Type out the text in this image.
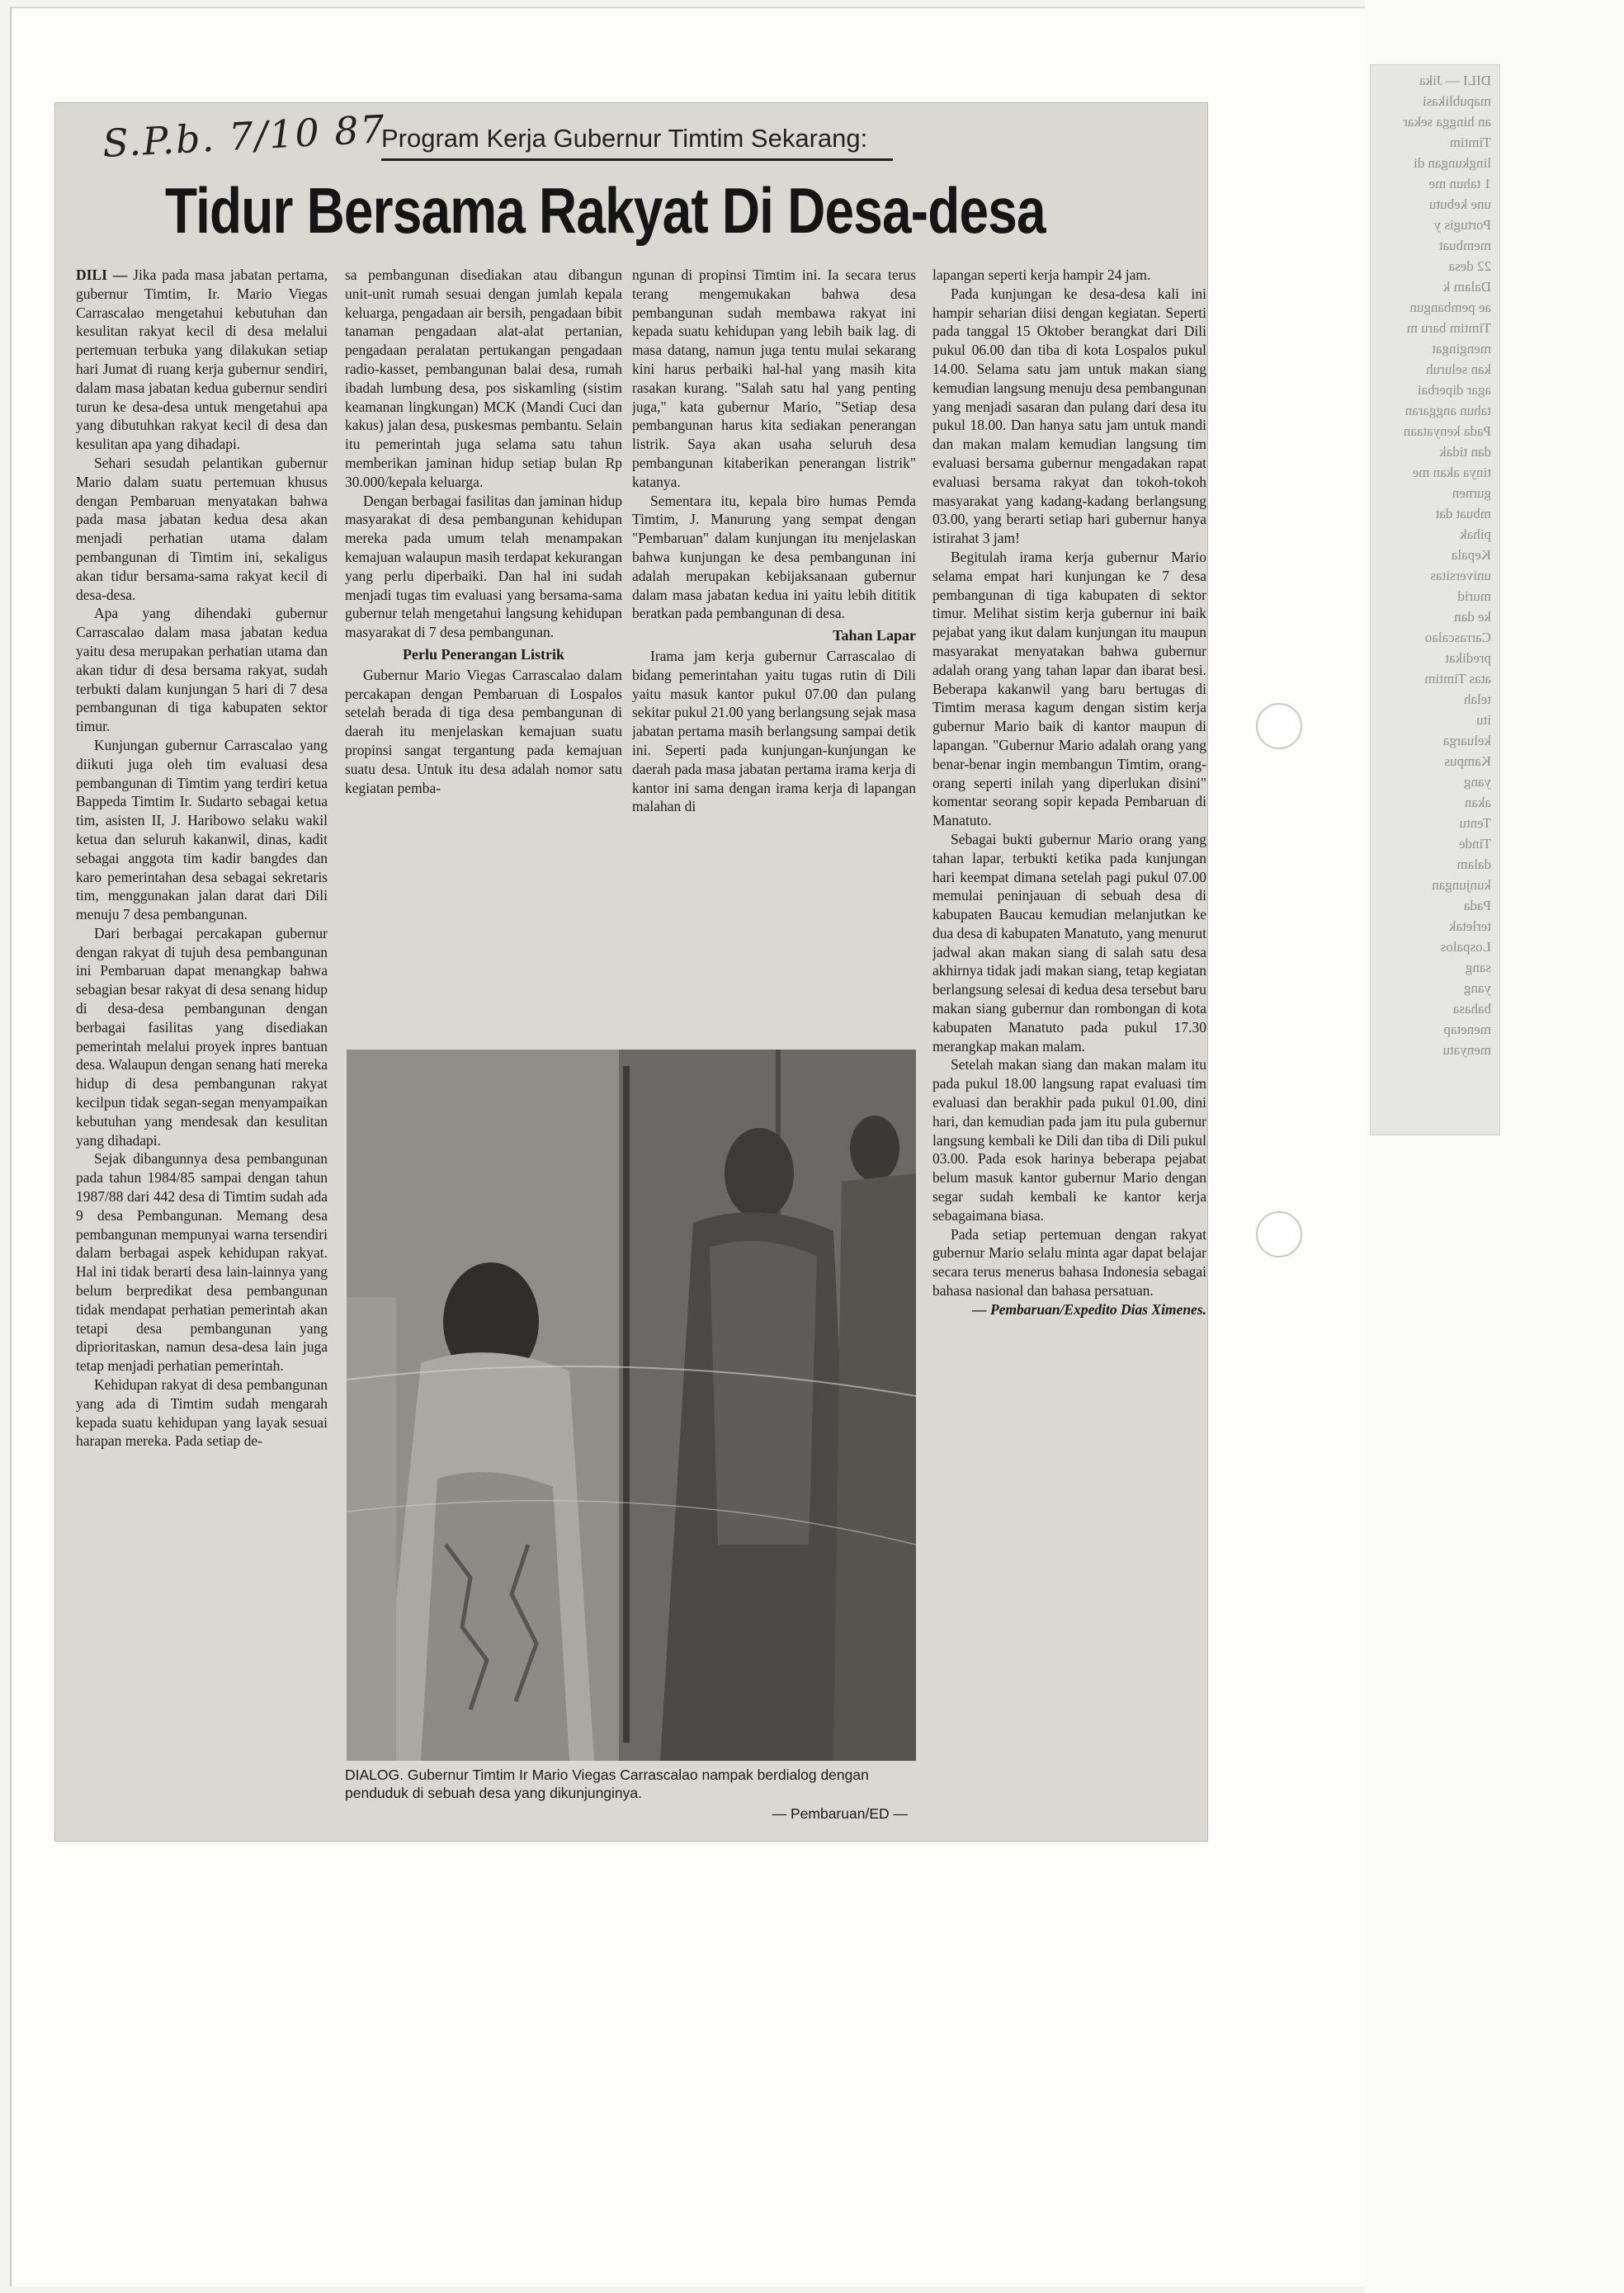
DILI — Jika
mapublikasi
an hingga sekar
Timtim
lingkungan di
1 tahun me
une kebutu
Portugis y
membuat
22 desa
Dalam k
ae pembangun
Timtim baru m
mengingat
kan seluruh
agar diperbai
tahun anggaran
Pada kenyataan
dan tidak
tinya akan me
gurnen
mbuat dat
pihak
Kepala
universitas
murid
ke dan
Carrascalao
predikat
atas Timtim
telah
itu
keluarga
Kampus
yang
akan
Tentu
Tinde
dalam
kunjungan
Pada
terletak
Lospalos
sang
yang
bahasa
menetap
menyatu
S.P.b. 7/10 87
Program Kerja Gubernur Timtim Sekarang:
Tidur Bersama Rakyat Di Desa-desa

DILI — Jika pada masa jabatan pertama, gubernur Timtim, Ir. Mario Viegas Carrascalao mengetahui kebutuhan dan kesulitan rakyat kecil di desa melalui pertemuan terbuka yang dilakukan setiap hari Jumat di ruang kerja gubernur sendiri, dalam masa jabatan kedua gubernur sendiri turun ke desa-desa untuk mengetahui apa yang dibutuhkan rakyat kecil di desa dan kesulitan apa yang dihadapi.

Sehari sesudah pelantikan gubernur Mario dalam suatu pertemuan khusus dengan Pembaruan menyatakan bahwa pada masa jabatan kedua desa akan menjadi perhatian utama dalam pembangunan di Timtim ini, sekaligus akan tidur bersama-sama rakyat kecil di desa-desa.

Apa yang dihendaki gubernur Carrascalao dalam masa jabatan kedua yaitu desa merupakan perhatian utama dan akan tidur di desa bersama rakyat, sudah terbukti dalam kunjungan 5 hari di 7 desa pembangunan di tiga kabupaten sektor timur.

Kunjungan gubernur Carrascalao yang diikuti juga oleh tim evaluasi desa pembangunan di Timtim yang terdiri ketua Bappeda Timtim Ir. Sudarto sebagai ketua tim, asisten II, J. Haribowo selaku wakil ketua dan seluruh kakanwil, dinas, kadit sebagai anggota tim kadir bangdes dan karo pemerintahan desa sebagai sekretaris tim, menggunakan jalan darat dari Dili menuju 7 desa pembangunan.

Dari berbagai percakapan gubernur dengan rakyat di tujuh desa pembangunan ini Pembaruan dapat menangkap bahwa sebagian besar rakyat di desa senang hidup di desa-desa pembangunan dengan berbagai fasilitas yang disediakan pemerintah melalui proyek inpres bantuan desa. Walaupun dengan senang hati mereka hidup di desa pembangunan rakyat kecilpun tidak segan-segan menyampaikan kebutuhan yang mendesak dan kesulitan yang dihadapi.

Sejak dibangunnya desa pembangunan pada tahun 1984/85 sampai dengan tahun 1987/88 dari 442 desa di Timtim sudah ada 9 desa Pembangunan. Memang desa pembangunan mempunyai warna tersendiri dalam berbagai aspek kehidupan rakyat. Hal ini tidak berarti desa lain-lainnya yang belum berpredikat desa pembangunan tidak mendapat perhatian pemerintah akan tetapi desa pembangunan yang diprioritaskan, namun desa-desa lain juga tetap menjadi perhatian pemerintah.

Kehidupan rakyat di desa pembangunan yang ada di Timtim sudah mengarah kepada suatu kehidupan yang layak sesuai harapan mereka. Pada setiap de-

sa pembangunan disediakan atau dibangun unit-unit rumah sesuai dengan jumlah kepala keluarga, pengadaan air bersih, pengadaan bibit tanaman pengadaan alat-alat pertanian, pengadaan peralatan pertukangan pengadaan radio-kasset, pembangunan balai desa, rumah ibadah lumbung desa, pos siskamling (sistim keamanan lingkungan) MCK (Mandi Cuci dan kakus) jalan desa, puskesmas pembantu. Selain itu pemerintah juga selama satu tahun memberikan jaminan hidup setiap bulan Rp 30.000/kepala keluarga.

Dengan berbagai fasilitas dan jaminan hidup masyarakat di desa pembangunan kehidupan mereka pada umum telah menampakan kemajuan walaupun masih terdapat kekurangan yang perlu diperbaiki. Dan hal ini sudah menjadi tugas tim evaluasi yang bersama-sama gubernur telah mengetahui langsung kehidupan masyarakat di 7 desa pembangunan.

Perlu Penerangan Listrik

Gubernur Mario Viegas Carrascalao dalam percakapan dengan Pembaruan di Lospalos setelah berada di tiga desa pembangunan di daerah itu menjelaskan kemajuan suatu propinsi sangat tergantung pada kemajuan suatu desa. Untuk itu desa adalah nomor satu kegiatan pemba-

ngunan di propinsi Timtim ini. Ia secara terus terang mengemukakan bahwa desa pembangunan sudah membawa rakyat ini kepada suatu kehidupan yang lebih baik lag. di masa datang, namun juga tentu mulai sekarang kini harus perbaiki hal-hal yang masih kita rasakan kurang. "Salah satu hal yang penting juga," kata gubernur Mario, "Setiap desa pembangunan harus kita sediakan penerangan listrik. Saya akan usaha seluruh desa pembangunan kitaberikan penerangan listrik" katanya.

Sementara itu, kepala biro humas Pemda Timtim, J. Manurung yang sempat dengan "Pembaruan" dalam kunjungan itu menjelaskan bahwa kunjungan ke desa pembangunan ini adalah merupakan kebijaksanaan gubernur dalam masa jabatan kedua ini yaitu lebih dititik beratkan pada pembangunan di desa.

Tahan Lapar

Irama jam kerja gubernur Carrascalao di bidang pemerintahan yaitu tugas rutin di Dili yaitu masuk kantor pukul 07.00 dan pulang sekitar pukul 21.00 yang berlangsung sejak masa jabatan pertama masih berlangsung sampai detik ini. Seperti pada kunjungan-kunjungan ke daerah pada masa jabatan pertama irama kerja di kantor ini sama dengan irama kerja di lapangan malahan di

lapangan seperti kerja hampir 24 jam.

Pada kunjungan ke desa-desa kali ini hampir seharian diisi dengan kegiatan. Seperti pada tanggal 15 Oktober berangkat dari Dili pukul 06.00 dan tiba di kota Lospalos pukul 14.00. Selama satu jam untuk makan siang kemudian langsung menuju desa pembangunan yang menjadi sasaran dan pulang dari desa itu pukul 18.00. Dan hanya satu jam untuk mandi dan makan malam kemudian langsung tim evaluasi bersama gubernur mengadakan rapat evaluasi bersama rakyat dan tokoh-tokoh masyarakat yang kadang-kadang berlangsung 03.00, yang berarti setiap hari gubernur hanya istirahat 3 jam!

Begitulah irama kerja gubernur Mario selama empat hari kunjungan ke 7 desa pembangunan di tiga kabupaten di sektor timur. Melihat sistim kerja gubernur ini baik pejabat yang ikut dalam kunjungan itu maupun masyarakat menyatakan bahwa gubernur adalah orang yang tahan lapar dan ibarat besi. Beberapa kakanwil yang baru bertugas di Timtim merasa kagum dengan sistim kerja gubernur Mario baik di kantor maupun di lapangan. "Gubernur Mario adalah orang yang benar-benar ingin membangun Timtim, orang-orang seperti inilah yang diperlukan disini" komentar seorang sopir kepada Pembaruan di Manatuto.

Sebagai bukti gubernur Mario orang yang tahan lapar, terbukti ketika pada kunjungan hari keempat dimana setelah pagi pukul 07.00 memulai peninjauan di sebuah desa di kabupaten Baucau kemudian melanjutkan ke dua desa di kabupaten Manatuto, yang menurut jadwal akan makan siang di salah satu desa akhirnya tidak jadi makan siang, tetap kegiatan berlangsung selesai di kedua desa tersebut baru makan siang gubernur dan rombongan di kota kabupaten Manatuto pada pukul 17.30 merangkap makan malam.

Setelah makan siang dan makan malam itu pada pukul 18.00 langsung rapat evaluasi tim evaluasi dan berakhir pada pukul 01.00, dini hari, dan kemudian pada jam itu pula gubernur langsung kembali ke Dili dan tiba di Dili pukul 03.00. Pada esok harinya beberapa pejabat belum masuk kantor gubernur Mario dengan segar sudah kembali ke kantor kerja sebagaimana biasa.

Pada setiap pertemuan dengan rakyat gubernur Mario selalu minta agar dapat belajar secara terus menerus bahasa Indonesia sebagai bahasa nasional dan bahasa persatuan.

— Pembaruan/Expedito Dias Ximenes.

DIALOG. Gubernur Timtim Ir Mario Viegas Carrascalao nampak berdialog dengan penduduk di sebuah desa yang dikunjunginya.
— Pembaruan/ED —
